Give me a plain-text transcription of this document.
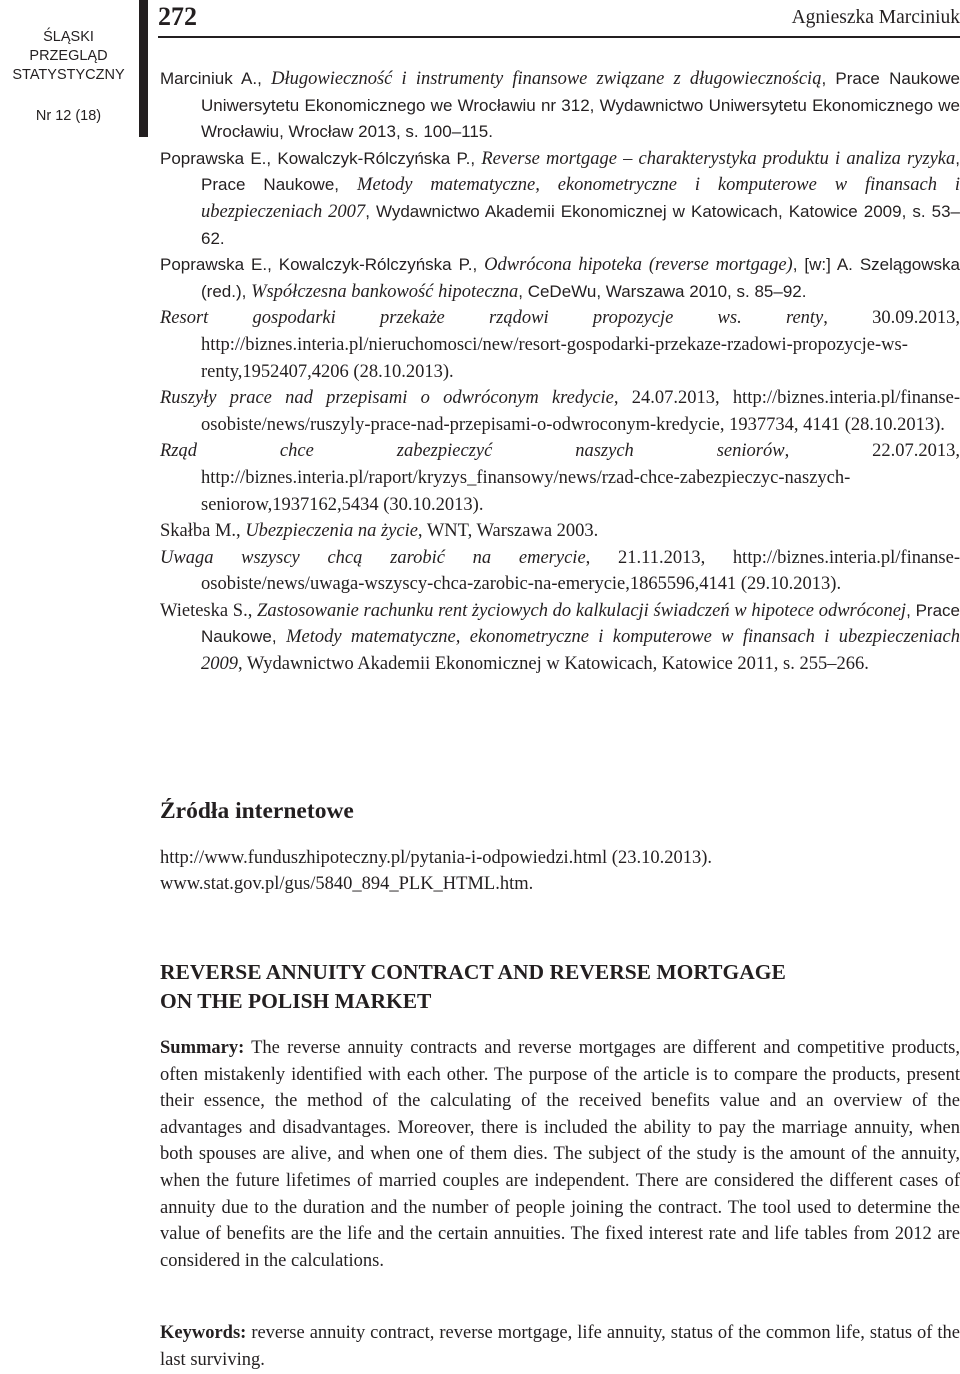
ŚLĄSKI
PRZEGLĄD
STATYSTYCZNY
Nr 12 (18)
272	Agnieszka Marciniuk

Marciniuk A., Długowieczność i instrumenty finansowe związane z długowiecznością, Prace Naukowe Uniwersytetu Ekonomicznego we Wrocławiu nr 312, Wydawnictwo Uniwersytetu Ekonomicznego we Wrocławiu, Wrocław 2013, s. 100‒115.

Poprawska E., Kowalczyk-Rólczyńska P., Reverse mortgage – charakterystyka produktu i analiza ryzyka, Prace Naukowe, Metody matematyczne, ekonometryczne i komputerowe w finansach i ubezpieczeniach 2007, Wydawnictwo Akademii Ekonomicznej w Katowicach, Katowice 2009, s. 53‒62.

Poprawska E., Kowalczyk-Rólczyńska P., Odwrócona hipoteka (reverse mortgage), [w:] A. Szelągowska (red.), Współczesna bankowość hipoteczna, CeDeWu, Warszawa 2010, s. 85‒92.

Resort gospodarki przekaże rządowi propozycje ws. renty, 30.09.2013, http://biznes.interia.pl/nieruchomosci/new/resort-gospodarki-przekaze-rzadowi-propozycje-ws-renty,1952407,4206 (28.10.2013).

Ruszyły prace nad przepisami o odwróconym kredycie, 24.07.2013, http://biznes.interia.pl/finanse-osobiste/news/ruszyly-prace-nad-przepisami-o-odwroconym-kredycie, 1937734, 4141 (28.10.2013).

Rząd chce zabezpieczyć naszych seniorów, 22.07.2013, http://biznes.interia.pl/raport/kryzys_finansowy/news/rzad-chce-zabezpieczyc-naszych-seniorow,1937162,5434 (30.10.2013).

Skałba M., Ubezpieczenia na życie, WNT, Warszawa 2003.

Uwaga wszyscy chcą zarobić na emerycie, 21.11.2013, http://biznes.interia.pl/finanse-osobiste/news/uwaga-wszyscy-chca-zarobic-na-emerycie,1865596,4141 (29.10.2013).

Wieteska S., Zastosowanie rachunku rent życiowych do kalkulacji świadczeń w hipotece odwróconej, Prace Naukowe, Metody matematyczne, ekonometryczne i komputerowe w finansach i ubezpieczeniach 2009, Wydawnictwo Akademii Ekonomicznej w Katowicach, Katowice 2011, s. 255‒266.

Źródła internetowe
http://www.funduszhipoteczny.pl/pytania-i-odpowiedzi.html (23.10.2013).
www.stat.gov.pl/gus/5840_894_PLK_HTML.htm.
REVERSE ANNUITY CONTRACT AND REVERSE MORTGAGE
ON THE POLISH MARKET

Summary: The reverse annuity contracts and reverse mortgages are different and competitive products, often mistakenly identified with each other. The purpose of the article is to compare the products, present their essence, the method of the calculating of the received benefits value and an overview of the advantages and disadvantages. Moreover, there is included the ability to pay the marriage annuity, when both spouses are alive, and when one of them dies. The subject of the study is the amount of the annuity, when the future lifetimes of married couples are independent. There are considered the different cases of annuity due to the duration and the number of people joining the contract. The tool used to determine the value of benefits are the life and the certain annuities. The fixed interest rate and life tables from 2012 are considered in the calculations.

Keywords: reverse annuity contract, reverse mortgage, life annuity, status of the common life, status of the last surviving.
